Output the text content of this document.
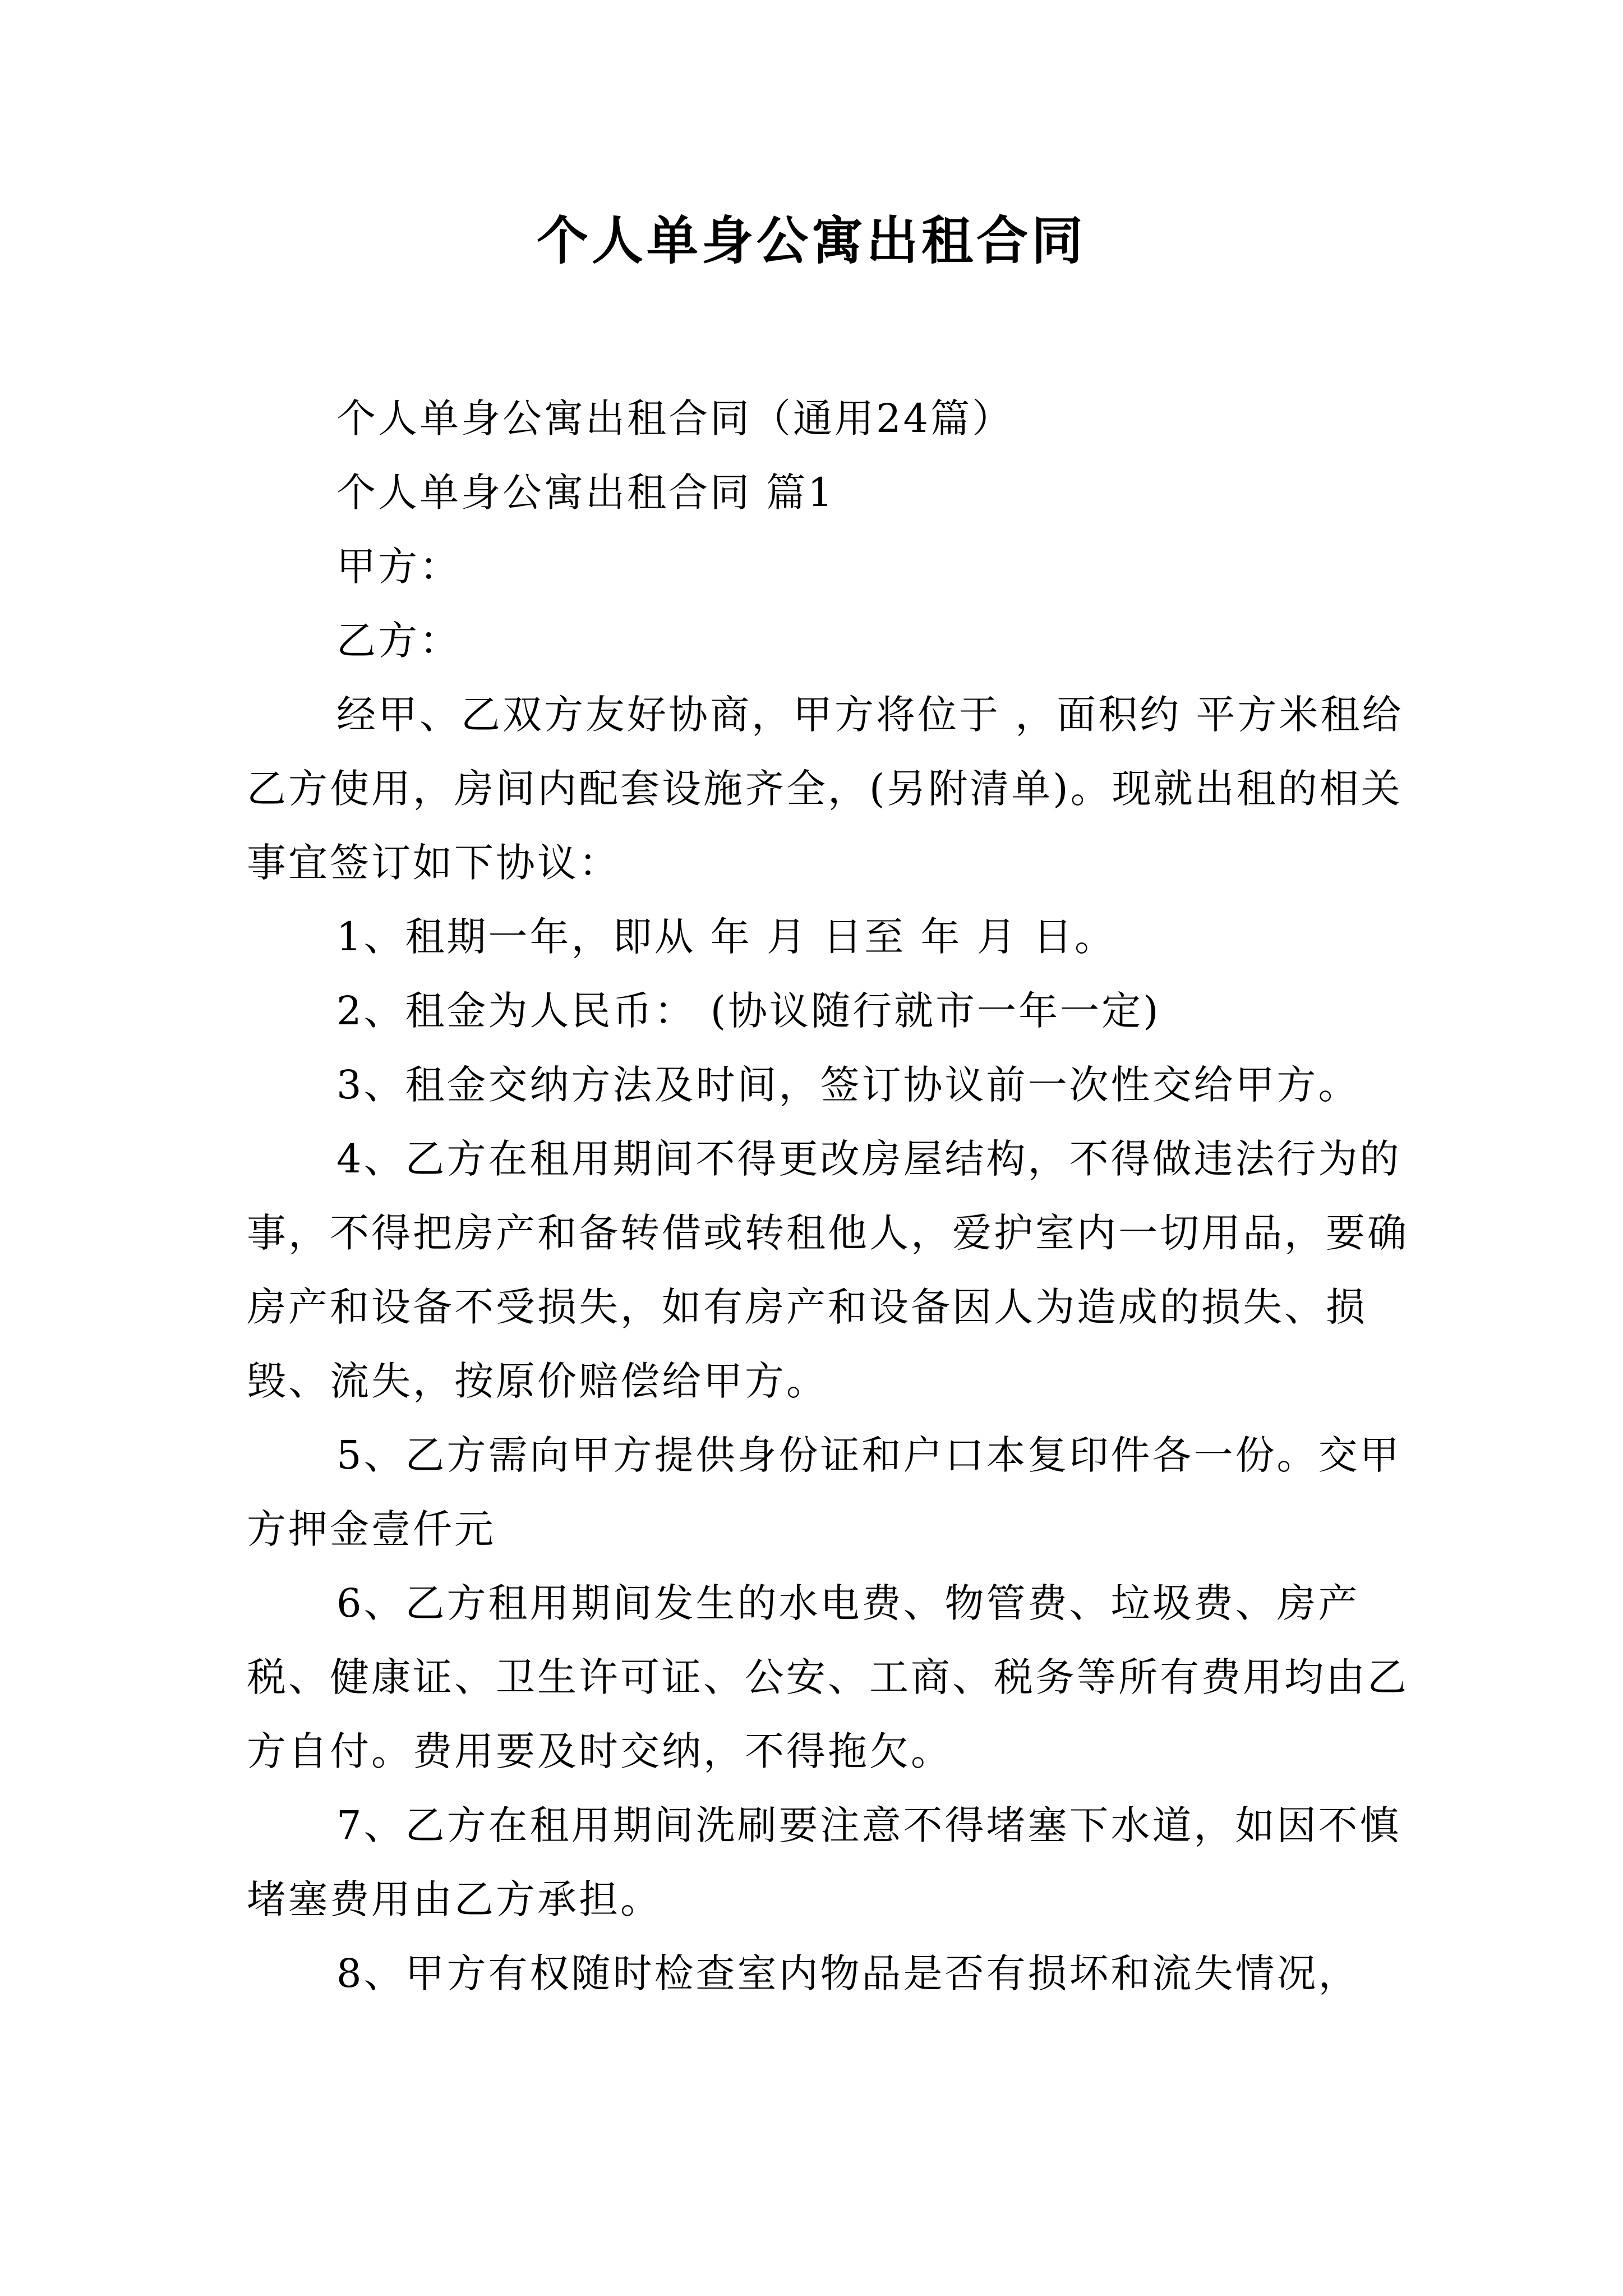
个人单身公寓出租合同

个人单身公寓出租合同（通用24篇）

个人单身公寓出租合同 篇1

甲方：

乙方：

经甲、乙双方友好协商，甲方将位于 ，面积约 平方米租给乙方使用，房间内配套设施齐全，(另附清单)。现就出租的相关事宜签订如下协议：

1、租期一年，即从 年 月 日至 年 月 日。

2、租金为人民币： (协议随行就市一年一定)

3、租金交纳方法及时间，签订协议前一次性交给甲方。

4、乙方在租用期间不得更改房屋结构，不得做违法行为的事，不得把房产和备转借或转租他人，爱护室内一切用品，要确房产和设备不受损失，如有房产和设备因人为造成的损失、损毁、流失，按原价赔偿给甲方。

5、乙方需向甲方提供身份证和户口本复印件各一份。交甲方押金壹仟元

6、乙方租用期间发生的水电费、物管费、垃圾费、房产税、健康证、卫生许可证、公安、工商、税务等所有费用均由乙方自付。费用要及时交纳，不得拖欠。

7、乙方在租用期间洗刷要注意不得堵塞下水道，如因不慎堵塞费用由乙方承担。

8、甲方有权随时检查室内物品是否有损坏和流失情况，
